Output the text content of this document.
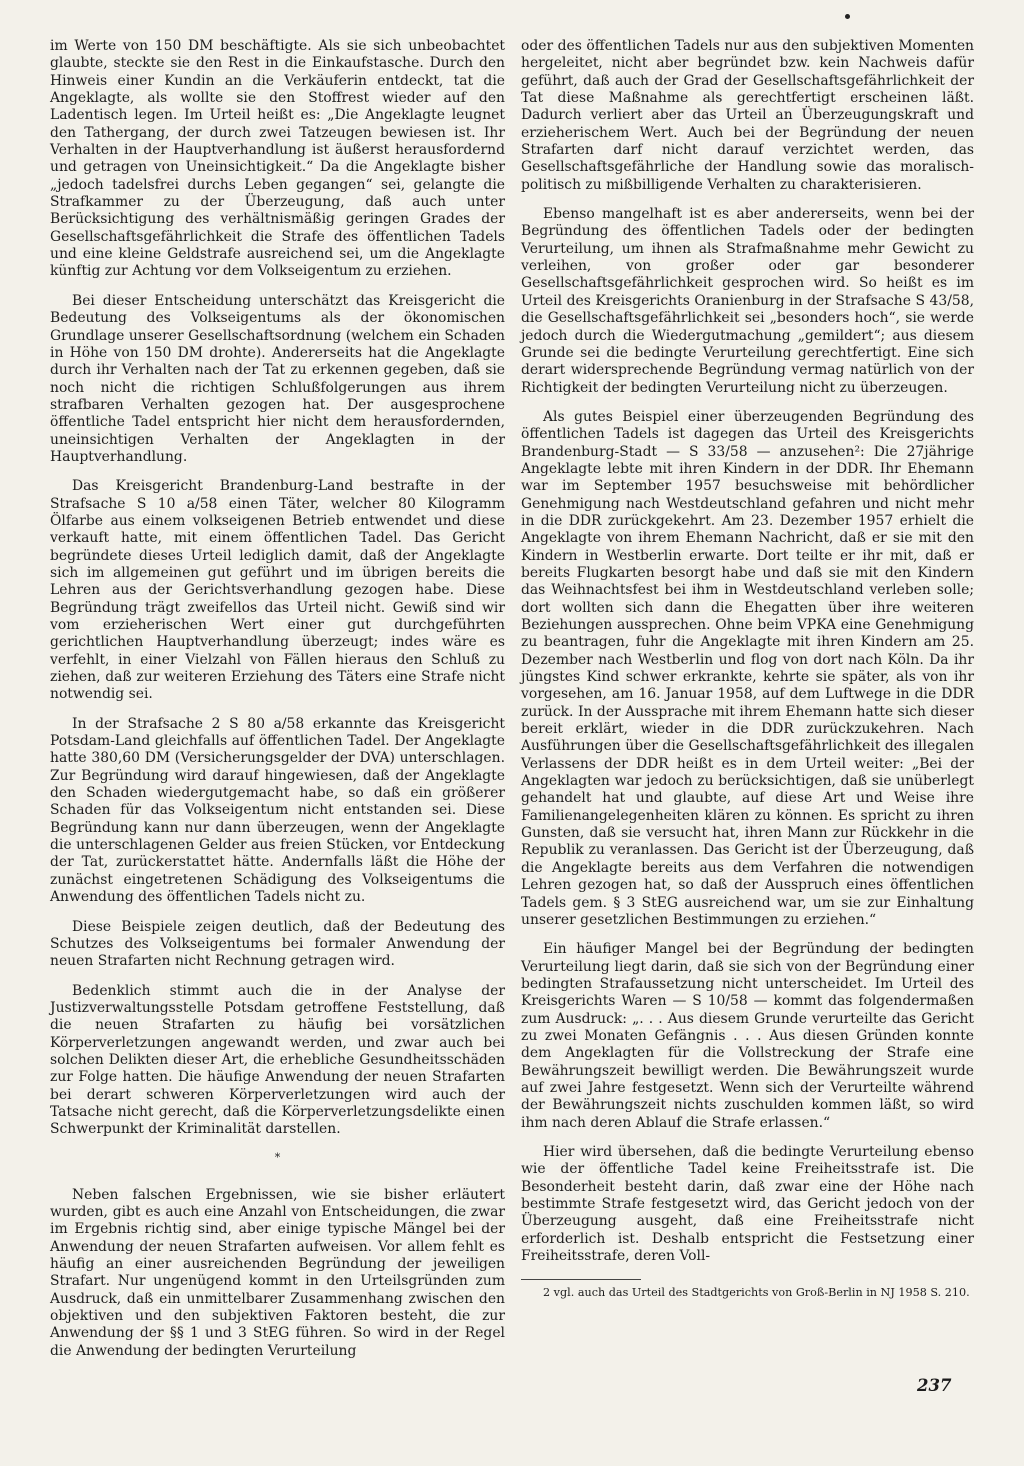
im Werte von 150 DM beschäftigte. Als sie sich unbeobachtet glaubte, steckte sie den Rest in die Einkaufstasche. Durch den Hinweis einer Kundin an die Verkäuferin entdeckt, tat die Angeklagte, als wollte sie den Stoffrest wieder auf den Ladentisch legen. Im Urteil heißt es: „Die Angeklagte leugnet den Tathergang, der durch zwei Tatzeugen bewiesen ist. Ihr Verhalten in der Hauptverhandlung ist äußerst herausfordernd und getragen von Uneinsichtigkeit.“ Da die Angeklagte bisher „jedoch tadelsfrei durchs Leben gegangen“ sei, gelangte die Strafkammer zu der Überzeugung, daß auch unter Berücksichtigung des verhältnismäßig geringen Grades der Gesellschaftsgefährlichkeit die Strafe des öffentlichen Tadels und eine kleine Geldstrafe ausreichend sei, um die Angeklagte künftig zur Achtung vor dem Volkseigentum zu erziehen.

Bei dieser Entscheidung unterschätzt das Kreisgericht die Bedeutung des Volkseigentums als der ökonomischen Grundlage unserer Gesellschaftsordnung (welchem ein Schaden in Höhe von 150 DM drohte). Andererseits hat die Angeklagte durch ihr Verhalten nach der Tat zu erkennen gegeben, daß sie noch nicht die richtigen Schlußfolgerungen aus ihrem strafbaren Verhalten gezogen hat. Der ausgesprochene öffentliche Tadel entspricht hier nicht dem herausfordernden, uneinsichtigen Verhalten der Angeklagten in der Hauptverhandlung.

Das Kreisgericht Brandenburg-Land bestrafte in der Strafsache S 10 a/58 einen Täter, welcher 80 Kilogramm Ölfarbe aus einem volkseigenen Betrieb entwendet und diese verkauft hatte, mit einem öffentlichen Tadel. Das Gericht begründete dieses Urteil lediglich damit, daß der Angeklagte sich im allgemeinen gut geführt und im übrigen bereits die Lehren aus der Gerichtsverhandlung gezogen habe. Diese Begründung trägt zweifellos das Urteil nicht. Gewiß sind wir vom erzieherischen Wert einer gut durchgeführten gerichtlichen Hauptverhandlung überzeugt; indes wäre es verfehlt, in einer Vielzahl von Fällen hieraus den Schluß zu ziehen, daß zur weiteren Erziehung des Täters eine Strafe nicht notwendig sei.

In der Strafsache 2 S 80 a/58 erkannte das Kreisgericht Potsdam-Land gleichfalls auf öffentlichen Tadel. Der Angeklagte hatte 380,60 DM (Versicherungsgelder der DVA) unterschlagen. Zur Begründung wird darauf hingewiesen, daß der Angeklagte den Schaden wiedergutgemacht habe, so daß ein größerer Schaden für das Volkseigentum nicht entstanden sei. Diese Begründung kann nur dann überzeugen, wenn der Angeklagte die unterschlagenen Gelder aus freien Stücken, vor Entdeckung der Tat, zurückerstattet hätte. Andernfalls läßt die Höhe der zunächst eingetretenen Schädigung des Volkseigentums die Anwendung des öffentlichen Tadels nicht zu.

Diese Beispiele zeigen deutlich, daß der Bedeutung des Schutzes des Volkseigentums bei formaler Anwendung der neuen Strafarten nicht Rechnung getragen wird.

Bedenklich stimmt auch die in der Analyse der Justizverwaltungsstelle Potsdam getroffene Feststellung, daß die neuen Strafarten zu häufig bei vorsätzlichen Körperverletzungen angewandt werden, und zwar auch bei solchen Delikten dieser Art, die erhebliche Gesundheitsschäden zur Folge hatten. Die häufige Anwendung der neuen Strafarten bei derart schweren Körperverletzungen wird auch der Tatsache nicht gerecht, daß die Körperverletzungsdelikte einen Schwerpunkt der Kriminalität darstellen.

*

Neben falschen Ergebnissen, wie sie bisher erläutert wurden, gibt es auch eine Anzahl von Entscheidungen, die zwar im Ergebnis richtig sind, aber einige typische Mängel bei der Anwendung der neuen Strafarten aufweisen. Vor allem fehlt es häufig an einer ausreichenden Begründung der jeweiligen Strafart. Nur ungenügend kommt in den Urteilsgründen zum Ausdruck, daß ein unmittelbarer Zusammenhang zwischen den objektiven und den subjektiven Faktoren besteht, die zur Anwendung der §§ 1 und 3 StEG führen. So wird in der Regel die Anwendung der bedingten Verurteilung

oder des öffentlichen Tadels nur aus den subjektiven Momenten hergeleitet, nicht aber begründet bzw. kein Nachweis dafür geführt, daß auch der Grad der Gesellschaftsgefährlichkeit der Tat diese Maßnahme als gerechtfertigt erscheinen läßt. Dadurch verliert aber das Urteil an Überzeugungskraft und erzieherischem Wert. Auch bei der Begründung der neuen Strafarten darf nicht darauf verzichtet werden, das Gesellschaftsgefährliche der Handlung sowie das moralisch-politisch zu mißbilligende Verhalten zu charakterisieren.

Ebenso mangelhaft ist es aber andererseits, wenn bei der Begründung des öffentlichen Tadels oder der bedingten Verurteilung, um ihnen als Strafmaßnahme mehr Gewicht zu verleihen, von großer oder gar besonderer Gesellschaftsgefährlichkeit gesprochen wird. So heißt es im Urteil des Kreisgerichts Oranienburg in der Strafsache S 43/58, die Gesellschaftsgefährlichkeit sei „besonders hoch“, sie werde jedoch durch die Wiedergutmachung „gemildert“; aus diesem Grunde sei die bedingte Verurteilung gerechtfertigt. Eine sich derart widersprechende Begründung vermag natürlich von der Richtigkeit der bedingten Verurteilung nicht zu überzeugen.

Als gutes Beispiel einer überzeugenden Begründung des öffentlichen Tadels ist dagegen das Urteil des Kreisgerichts Brandenburg-Stadt — S 33/58 — anzusehen²: Die 27jährige Angeklagte lebte mit ihren Kindern in der DDR. Ihr Ehemann war im September 1957 besuchsweise mit behördlicher Genehmigung nach Westdeutschland gefahren und nicht mehr in die DDR zurückgekehrt. Am 23. Dezember 1957 erhielt die Angeklagte von ihrem Ehemann Nachricht, daß er sie mit den Kindern in Westberlin erwarte. Dort teilte er ihr mit, daß er bereits Flugkarten besorgt habe und daß sie mit den Kindern das Weihnachtsfest bei ihm in Westdeutschland verleben solle; dort wollten sich dann die Ehegatten über ihre weiteren Beziehungen aussprechen. Ohne beim VPKA eine Genehmigung zu beantragen, fuhr die Angeklagte mit ihren Kindern am 25. Dezember nach Westberlin und flog von dort nach Köln. Da ihr jüngstes Kind schwer erkrankte, kehrte sie später, als von ihr vorgesehen, am 16. Januar 1958, auf dem Luftwege in die DDR zurück. In der Aussprache mit ihrem Ehemann hatte sich dieser bereit erklärt, wieder in die DDR zurückzukehren. Nach Ausführungen über die Gesellschaftsgefährlichkeit des illegalen Verlassens der DDR heißt es in dem Urteil weiter: „Bei der Angeklagten war jedoch zu berücksichtigen, daß sie unüberlegt gehandelt hat und glaubte, auf diese Art und Weise ihre Familienangelegenheiten klären zu können. Es spricht zu ihren Gunsten, daß sie versucht hat, ihren Mann zur Rückkehr in die Republik zu veranlassen. Das Gericht ist der Überzeugung, daß die Angeklagte bereits aus dem Verfahren die notwendigen Lehren gezogen hat, so daß der Ausspruch eines öffentlichen Tadels gem. § 3 StEG ausreichend war, um sie zur Einhaltung unserer gesetzlichen Bestimmungen zu erziehen.“

Ein häufiger Mangel bei der Begründung der bedingten Verurteilung liegt darin, daß sie sich von der Begründung einer bedingten Strafaussetzung nicht unterscheidet. Im Urteil des Kreisgerichts Waren — S 10/58 — kommt das folgendermaßen zum Ausdruck: „. . . Aus diesem Grunde verurteilte das Gericht zu zwei Monaten Gefängnis . . . Aus diesen Gründen konnte dem Angeklagten für die Vollstreckung der Strafe eine Bewährungszeit bewilligt werden. Die Bewährungszeit wurde auf zwei Jahre festgesetzt. Wenn sich der Verurteilte während der Bewährungszeit nichts zuschulden kommen läßt, so wird ihm nach deren Ablauf die Strafe erlassen.“

Hier wird übersehen, daß die bedingte Verurteilung ebenso wie der öffentliche Tadel keine Freiheitsstrafe ist. Die Besonderheit besteht darin, daß zwar eine der Höhe nach bestimmte Strafe festgesetzt wird, das Gericht jedoch von der Überzeugung ausgeht, daß eine Freiheitsstrafe nicht erforderlich ist. Deshalb entspricht die Festsetzung einer Freiheitsstrafe, deren Voll-

2 vgl. auch das Urteil des Stadtgerichts von Groß-Berlin in NJ 1958 S. 210.

237
